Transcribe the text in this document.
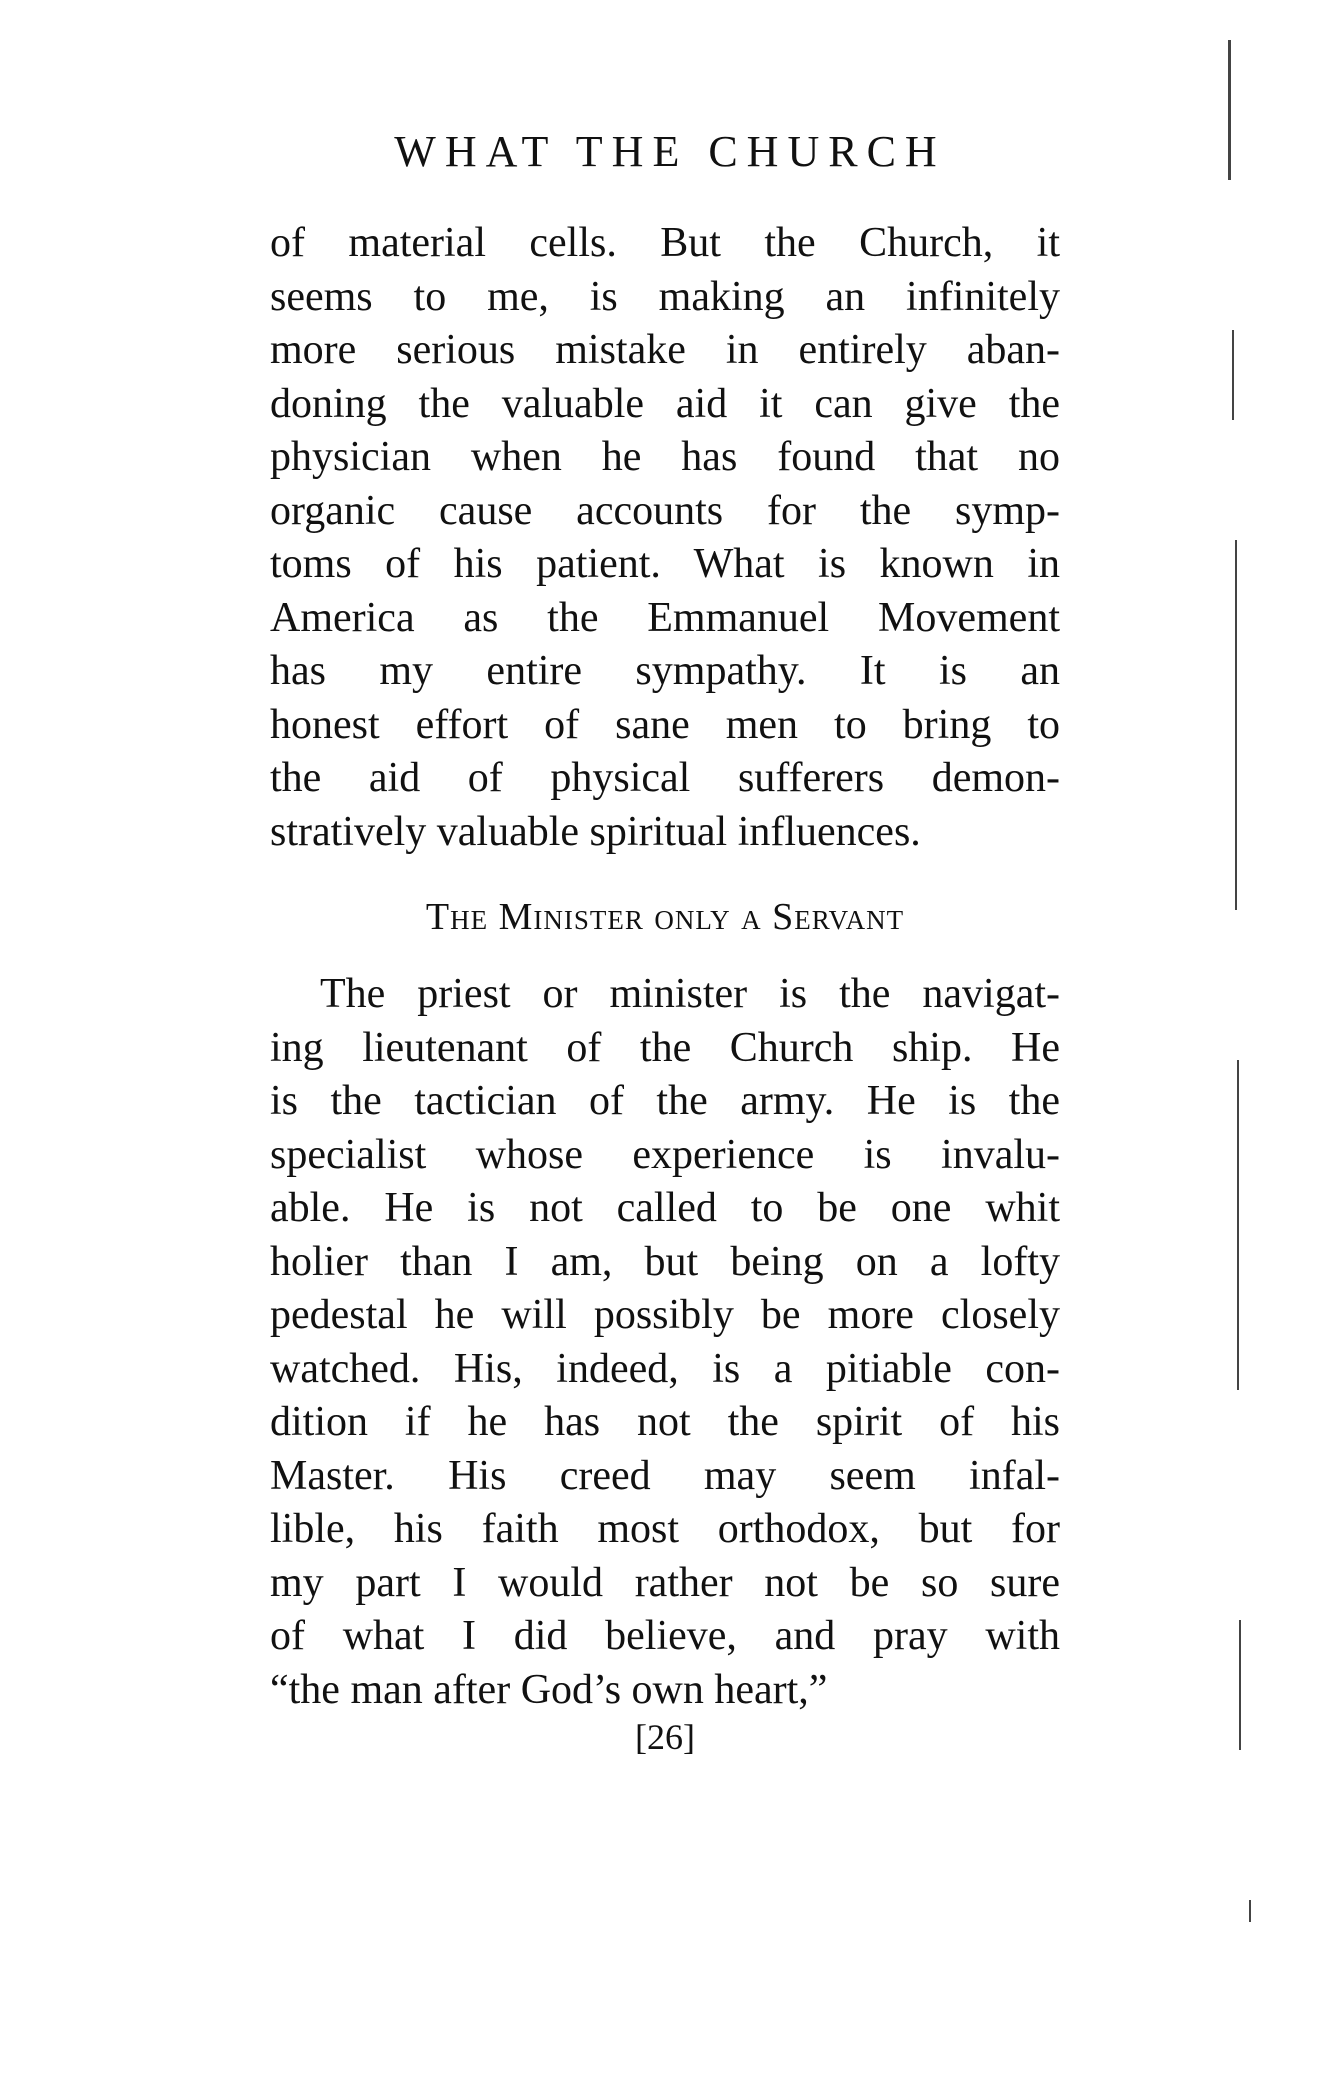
WHAT THE CHURCH
of material cells. But the Church, it
seems to me, is making an infinitely
more serious mistake in entirely aban-
doning the valuable aid it can give the
physician when he has found that no
organic cause accounts for the symp-
toms of his patient. What is known in
America as the Emmanuel Movement
has my entire sympathy. It is an
honest effort of sane men to bring to
the aid of physical sufferers demon-
stratively valuable spiritual influences.
The Minister only a Servant
The priest or minister is the navigat-
ing lieutenant of the Church ship. He
is the tactician of the army. He is the
specialist whose experience is invalu-
able. He is not called to be one whit
holier than I am, but being on a lofty
pedestal he will possibly be more closely
watched. His, indeed, is a pitiable con-
dition if he has not the spirit of his
Master. His creed may seem infal-
lible, his faith most orthodox, but for
my part I would rather not be so sure
of what I did believe, and pray with
“the man after God’s own heart,”
[26]
